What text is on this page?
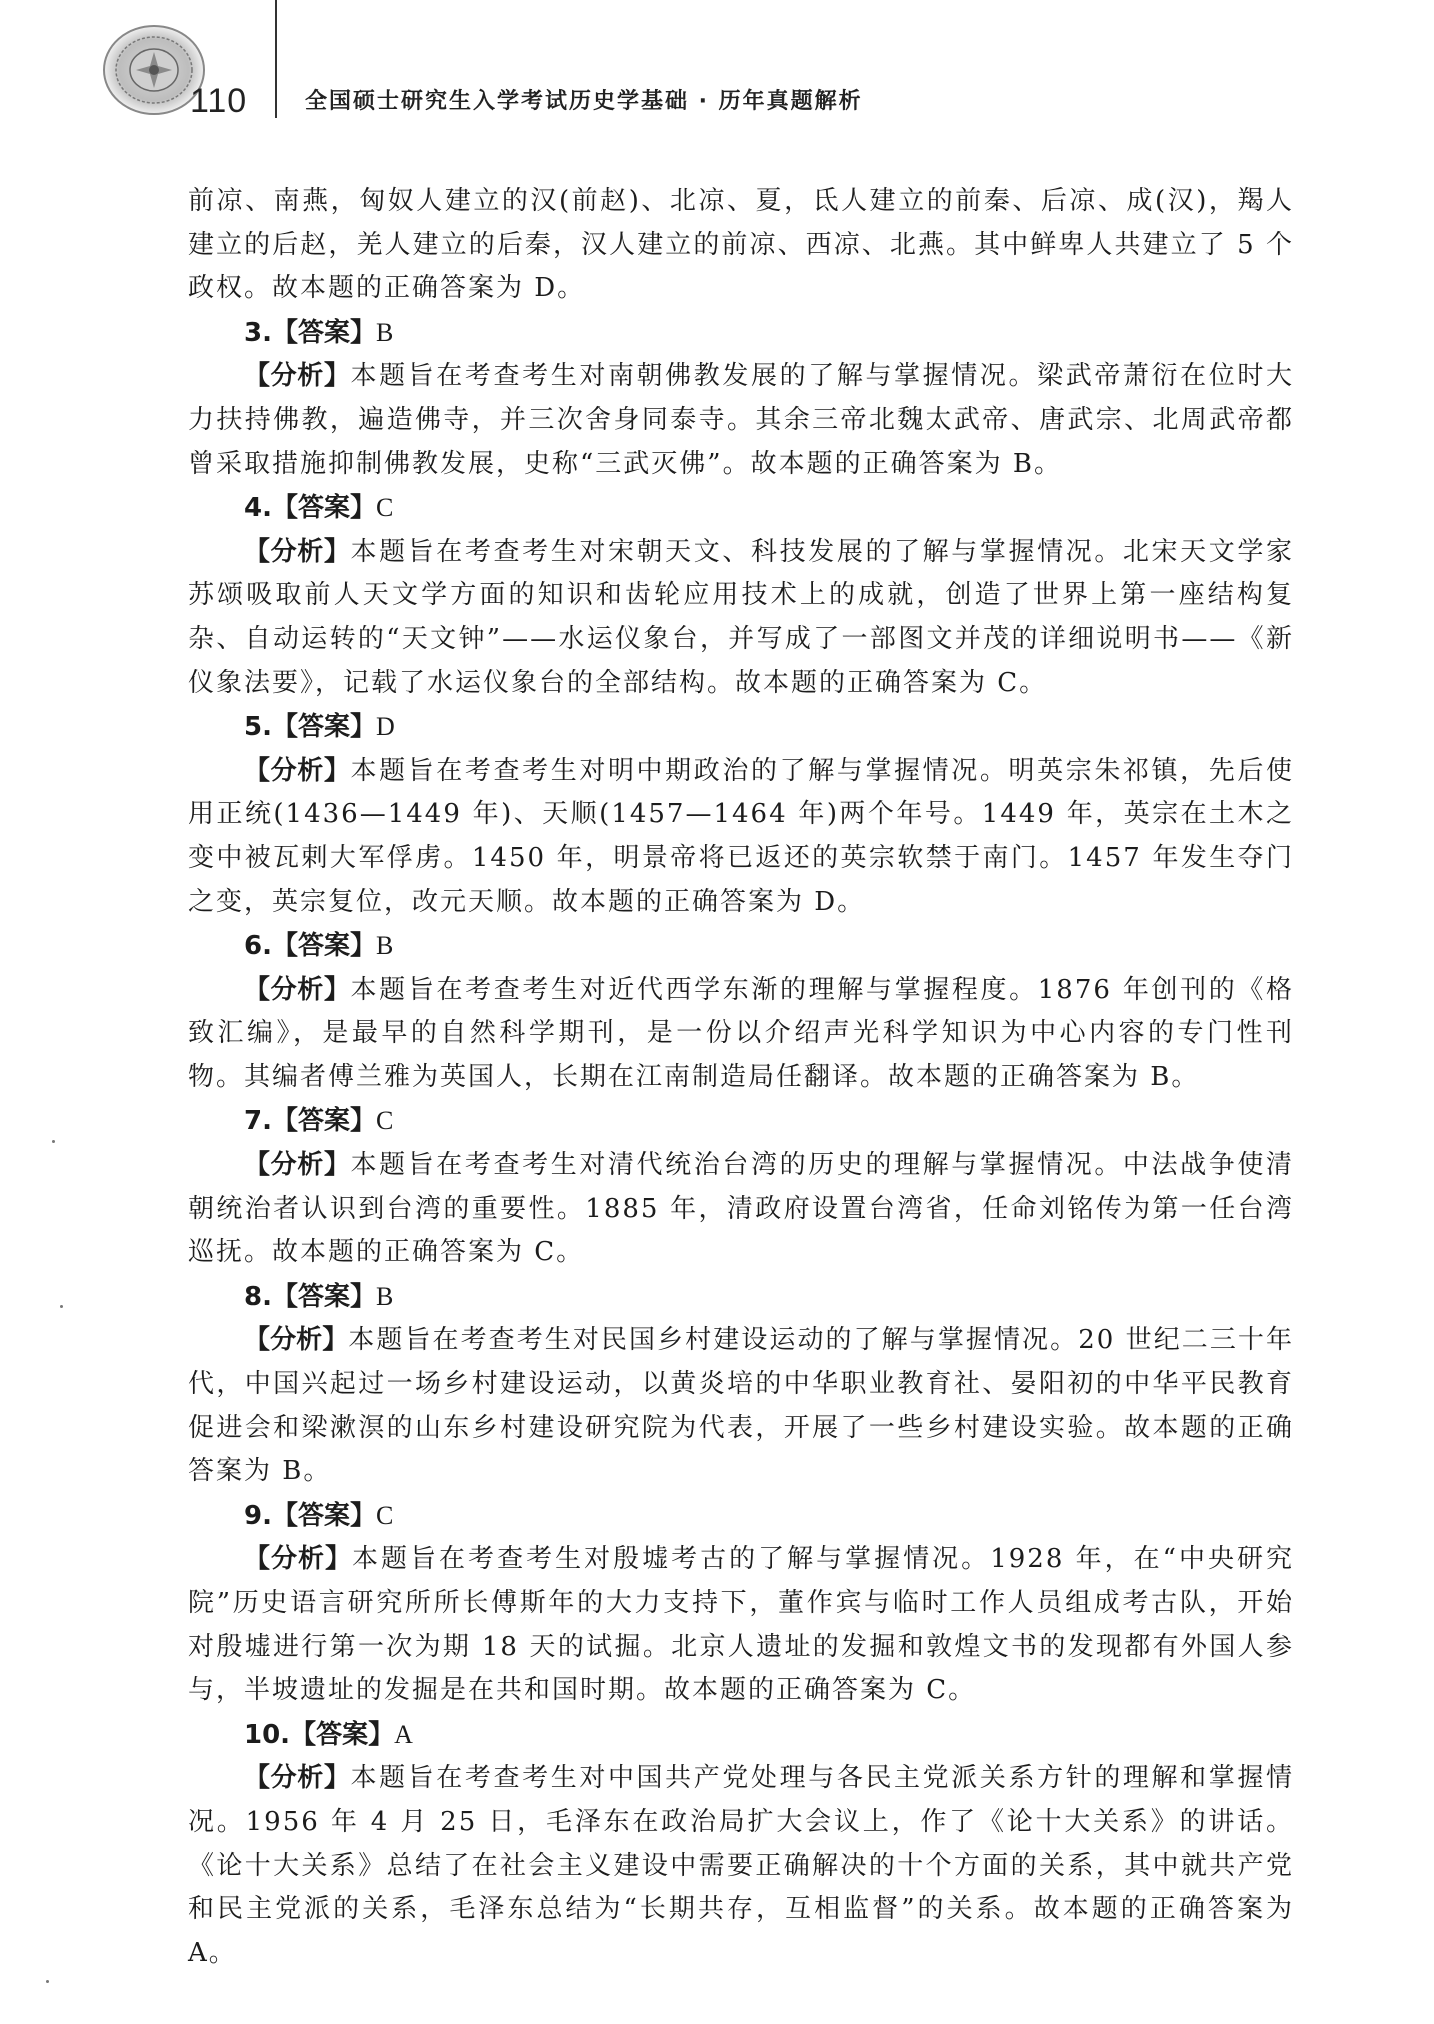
110	全国硕士研究生入学考试历史学基础 · 历年真题解析

前凉、南燕，匈奴人建立的汉(前赵)、北凉、夏，氐人建立的前秦、后凉、成(汉)，羯人建立的后赵，羌人建立的后秦，汉人建立的前凉、西凉、北燕。其中鲜卑人共建立了 5 个政权。故本题的正确答案为 D。

3.【答案】B

【分析】本题旨在考查考生对南朝佛教发展的了解与掌握情况。梁武帝萧衍在位时大力扶持佛教，遍造佛寺，并三次舍身同泰寺。其余三帝北魏太武帝、唐武宗、北周武帝都曾采取措施抑制佛教发展，史称“三武灭佛”。故本题的正确答案为 B。

4.【答案】C

【分析】本题旨在考查考生对宋朝天文、科技发展的了解与掌握情况。北宋天文学家苏颂吸取前人天文学方面的知识和齿轮应用技术上的成就，创造了世界上第一座结构复杂、自动运转的“天文钟”——水运仪象台，并写成了一部图文并茂的详细说明书——《新仪象法要》，记载了水运仪象台的全部结构。故本题的正确答案为 C。

5.【答案】D

【分析】本题旨在考查考生对明中期政治的了解与掌握情况。明英宗朱祁镇，先后使用正统(1436—1449 年)、天顺(1457—1464 年)两个年号。1449 年，英宗在土木之变中被瓦剌大军俘虏。1450 年，明景帝将已返还的英宗软禁于南门。1457 年发生夺门之变，英宗复位，改元天顺。故本题的正确答案为 D。

6.【答案】B

【分析】本题旨在考查考生对近代西学东渐的理解与掌握程度。1876 年创刊的《格致汇编》，是最早的自然科学期刊，是一份以介绍声光科学知识为中心内容的专门性刊物。其编者傅兰雅为英国人，长期在江南制造局任翻译。故本题的正确答案为 B。

7.【答案】C

【分析】本题旨在考查考生对清代统治台湾的历史的理解与掌握情况。中法战争使清朝统治者认识到台湾的重要性。1885 年，清政府设置台湾省，任命刘铭传为第一任台湾巡抚。故本题的正确答案为 C。

8.【答案】B

【分析】本题旨在考查考生对民国乡村建设运动的了解与掌握情况。20 世纪二三十年代，中国兴起过一场乡村建设运动，以黄炎培的中华职业教育社、晏阳初的中华平民教育促进会和梁漱溟的山东乡村建设研究院为代表，开展了一些乡村建设实验。故本题的正确答案为 B。

9.【答案】C

【分析】本题旨在考查考生对殷墟考古的了解与掌握情况。1928 年，在“中央研究院”历史语言研究所所长傅斯年的大力支持下，董作宾与临时工作人员组成考古队，开始对殷墟进行第一次为期 18 天的试掘。北京人遗址的发掘和敦煌文书的发现都有外国人参与，半坡遗址的发掘是在共和国时期。故本题的正确答案为 C。

10.【答案】A

【分析】本题旨在考查考生对中国共产党处理与各民主党派关系方针的理解和掌握情况。1956 年 4 月 25 日，毛泽东在政治局扩大会议上，作了《论十大关系》的讲话。《论十大关系》总结了在社会主义建设中需要正确解决的十个方面的关系，其中就共产党和民主党派的关系，毛泽东总结为“长期共存，互相监督”的关系。故本题的正确答案为 A。
